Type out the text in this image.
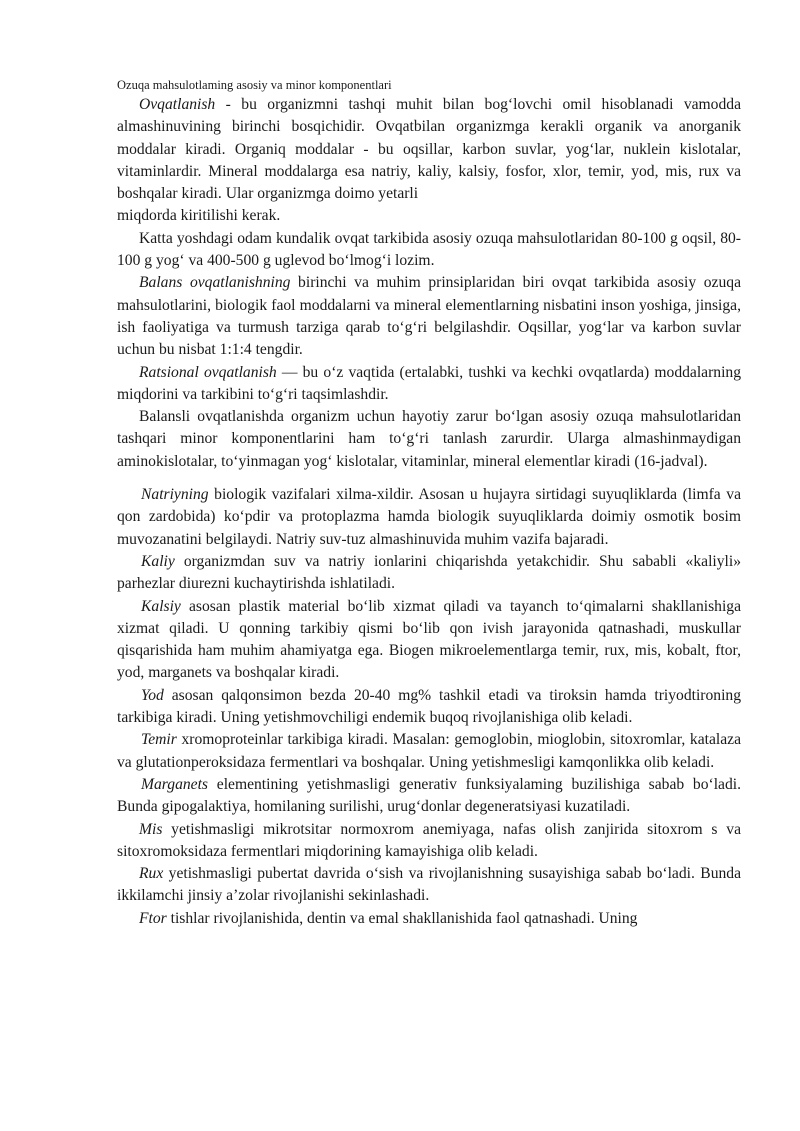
Ozuqa mahsulotlaming asosiy va minor komponentlari

Ovqatlanish - bu organizmni tashqi muhit bilan bog‘lovchi omil hisoblanadi vamodda almashinuvining birinchi bosqichidir. Ovqatbilan organizmga kerakli organik va anorganik moddalar kiradi. Organiq moddalar - bu oqsillar, karbon suvlar, yog‘lar, nuklein kislotalar, vitaminlardir. Mineral moddalarga esa natriy, kaliy, kalsiy, fosfor, xlor, temir, yod, mis, rux va boshqalar kiradi. Ular organizmga doimo yetarli

miqdorda kiritilishi kerak.

Katta yoshdagi odam kundalik ovqat tarkibida asosiy ozuqa mahsulotlaridan 80-100 g oqsil, 80-100 g yog‘ va 400-500 g uglevod bo‘lmog‘i lozim.

Balans ovqatlanishning birinchi va muhim prinsiplaridan biri ovqat tarkibida asosiy ozuqa mahsulotlarini, biologik faol moddalarni va mineral elementlarning nisbatini inson yoshiga, jinsiga, ish faoliyatiga va turmush tarziga qarab to‘g‘ri belgilashdir. Oqsillar, yog‘lar va karbon suvlar uchun bu nisbat 1:1:4 tengdir.

Ratsional ovqatlanish — bu o‘z vaqtida (ertalabki, tushki va kechki ovqatlarda) moddalarning miqdorini va tarkibini to‘g‘ri taqsimlashdir.

Balansli ovqatlanishda organizm uchun hayotiy zarur bo‘lgan asosiy ozuqa mahsulotlaridan tashqari minor komponentlarini ham to‘g‘ri tanlash zarurdir. Ularga almashinmaydigan aminokislotalar, to‘yinmagan yog‘ kislotalar, vitaminlar, mineral elementlar kiradi (16-jadval).

Natriyning biologik vazifalari xilma-xildir. Asosan u hujayra sirtidagi suyuqliklarda (limfa va qon zardobida) ko‘pdir va protoplazma hamda biologik suyuqliklarda doimiy osmotik bosim muvozanatini belgilaydi. Natriy suv-tuz almashinuvida muhim vazifa bajaradi.

Kaliy organizmdan suv va natriy ionlarini chiqarishda yetakchidir. Shu sababli «kaliyli» parhezlar diurezni kuchaytirishda ishlatiladi.

Kalsiy asosan plastik material bo‘lib xizmat qiladi va tayanch to‘qimalarni shakllanishiga xizmat qiladi. U qonning tarkibiy qismi bo‘lib qon ivish jarayonida qatnashadi, muskullar qisqarishida ham muhim ahamiyatga ega. Biogen mikroelementlarga temir, rux, mis, kobalt, ftor, yod, marganets va boshqalar kiradi.

Yod asosan qalqonsimon bezda 20-40 mg% tashkil etadi va tiroksin hamda triyodtironing tarkibiga kiradi. Uning yetishmovchiligi endemik buqoq rivojlanishiga olib keladi.

Temir xromoproteinlar tarkibiga kiradi. Masalan: gemoglobin, mioglobin, sitoxromlar, katalaza va glutationperoksidaza fermentlari va boshqalar. Uning yetishmesligi kamqonlikka olib keladi.

Marganets elementining yetishmasligi generativ funksiyalaming buzilishiga sabab bo‘ladi. Bunda gipogalaktiya, homilaning surilishi, urug‘donlar degeneratsiyasi kuzatiladi.

Mis yetishmasligi mikrotsitar normoxrom anemiyaga, nafas olish zanjirida sitoxrom s va sitoxromoksidaza fermentlari miqdorining kamayishiga olib keladi.

Rux yetishmasligi pubertat davrida o‘sish va rivojlanishning susayishiga sabab bo‘ladi. Bunda ikkilamchi jinsiy a’zolar rivojlanishi sekinlashadi.

Ftor tishlar rivojlanishida, dentin va emal shakllanishida faol qatnashadi. Uning
